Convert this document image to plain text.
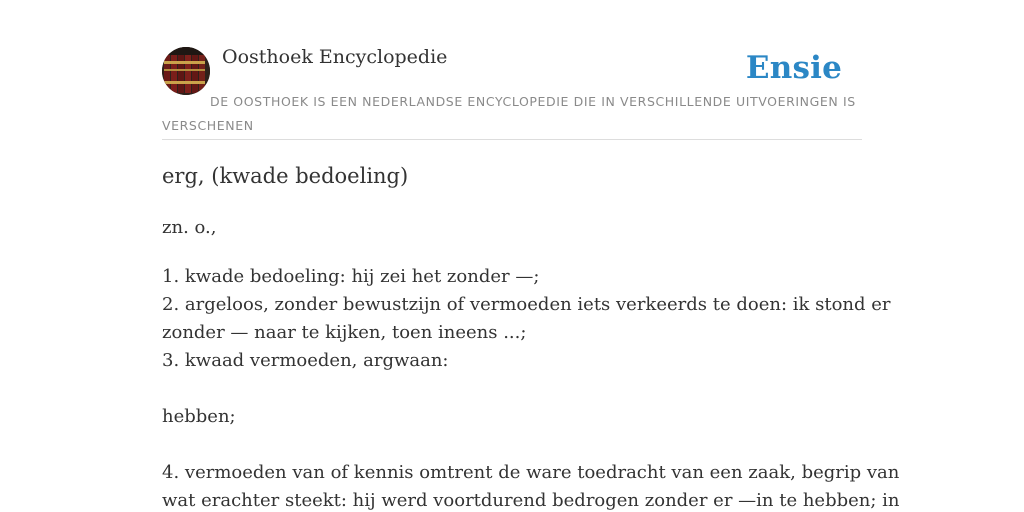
Oosthoek Encyclopedie	Ensie
DE OOSTHOEK IS EEN NEDERLANDSE ENCYCLOPEDIE DIE IN VERSCHILLENDE UITVOERINGEN IS VERSCHENEN
erg, (kwade bedoeling)
zn. o.,
1. kwade bedoeling: hij zei het zonder —;
2. argeloos, zonder bewustzijn of vermoeden iets verkeerds te doen: ik stond er
zonder — naar te kijken, toen ineens ...;
3. kwaad vermoeden, argwaan:
hebben;
4. vermoeden van of kennis omtrent de ware toedracht van een zaak, begrip van
wat erachter steekt: hij werd voortdurend bedrogen zonder er —in te hebben; in
